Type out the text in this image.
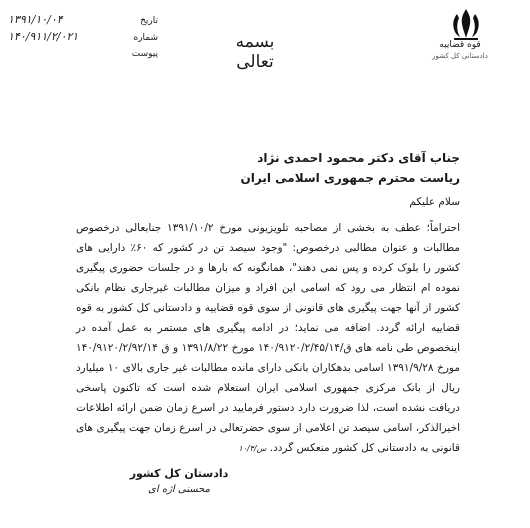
قوه قضاییه
دادستانی کل کشور
بسمه تعالی
تاریخ
۱۳۹۱/۱۰/۰۴
شماره
۱۴۰/۹۱۱/۲/۰۲۱
پیوست
جناب آقای دکتر محمود احمدی نژاد
ریاست محترم جمهوری اسلامی ایران
سلام علیکم
احتراماً؛ عطف به بخشی از مصاحبه تلویزیونی مورخ ۱۳۹۱/۱۰/۲ جنابعالی درخصوص مطالبات و عنوان مطالبی درخصوص: "وجود سیصد تن در کشور که ۶۰٪ دارایی های کشور را بلوک کرده و پس نمی دهند"، همانگونه که بارها و در جلسات حضوری پیگیری نموده ام انتظار می رود که اسامی این افراد و میزان مطالبات غیرجاری نظام بانکی کشور از آنها جهت پیگیری های قانونی از سوی قوه قضاییه و دادستانی کل کشور به قوه قضاییه ارائه گردد. اضافه می نماید؛ در ادامه پیگیری های مستمر به عمل آمده در اینخصوص طی نامه های ق/۱۴۰/۹۱۲۰/۲/۴۵/۱۴ مورخ ۱۳۹۱/۸/۲۲ و ق ۱۴۰/۹۱۲۰/۲/۹۲/۱۴ مورخ ۱۳۹۱/۹/۲۸ اسامی بدهکاران بانکی دارای مانده مطالبات غیر جاری بالای ۱۰ میلیارد ریال از بانک مرکزی جمهوری اسلامی ایران استعلام شده است که تاکنون پاسخی دریافت نشده است، لذا ضرورت دارد دستور فرمایید در اسرع زمان ضمن ارائه اطلاعات اخیرالذکر، اسامی سیصد تن اعلامی از سوی حضرتعالی در اسرع زمان جهت پیگیری های قانونی به دادستانی کل کشور منعکس گردد. س/۱۰/۴
دادستان کل کشور
محسنی اژه ای
